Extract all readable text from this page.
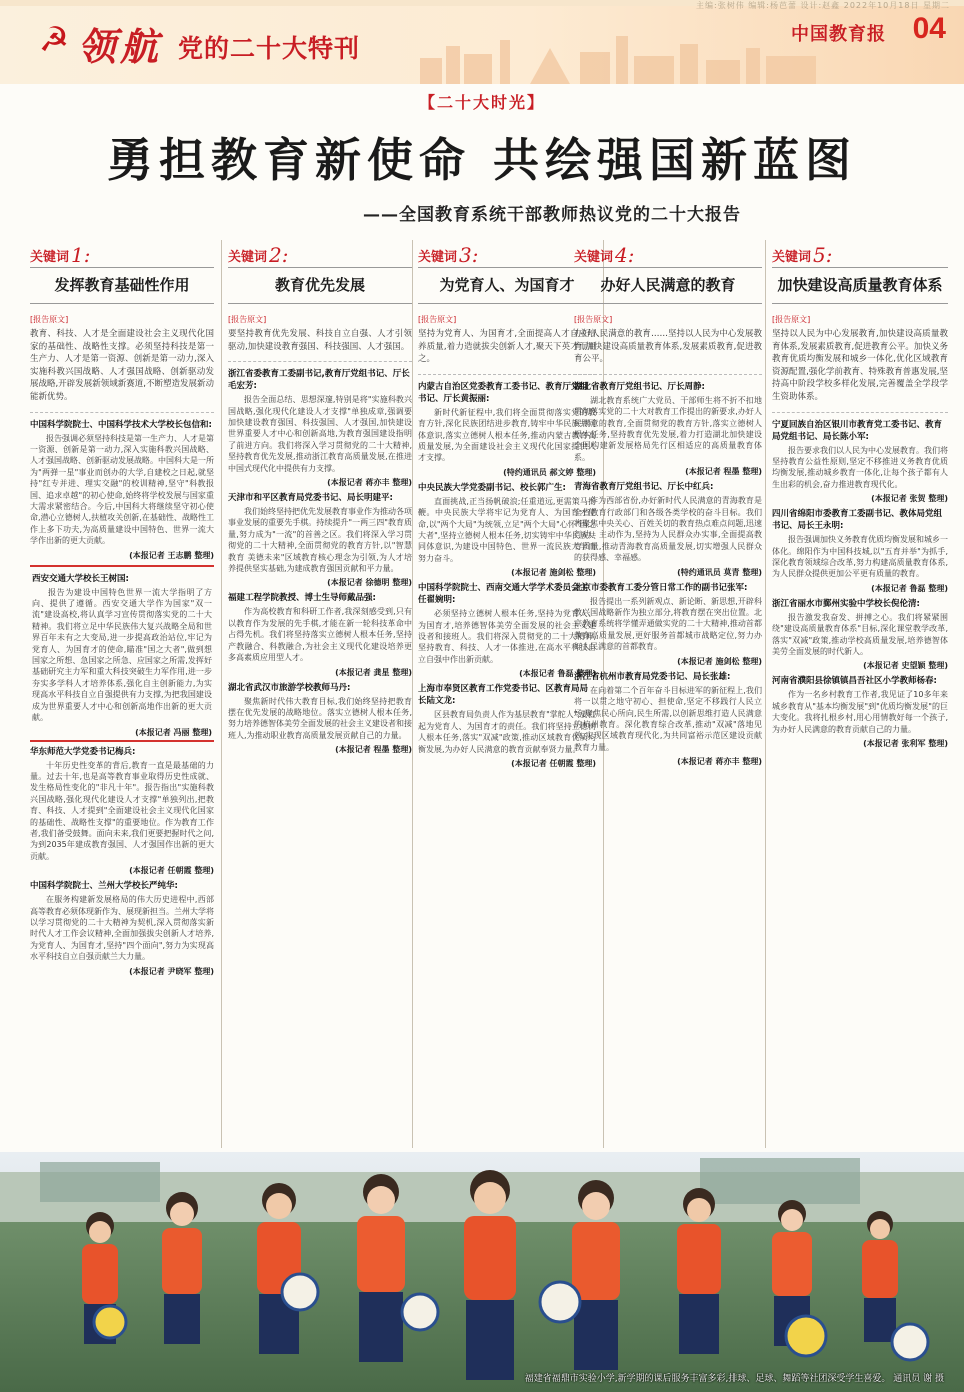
主编:张树伟 编辑:杨芭蕾 设计:赵鑫 2022年10月18日 星期二
☭ 领航 党的二十大特刊	中国教育报 04
【二十大时光】
勇担教育新使命 共绘强国新蓝图
——全国教育系统干部教师热议党的二十大报告
关键词 1:
发挥教育基础性作用
[报告原文]
教育、科技、人才是全面建设社会主义现代化国家的基础性、战略性支撑。必须坚持科技是第一生产力、人才是第一资源、创新是第一动力,深入实施科教兴国战略、人才强国战略、创新驱动发展战略,开辟发展新领域新赛道,不断塑造发展新动能新优势。
中国科学院院士、中国科学技术大学校长包信和:
报告强调必须坚持科技是第一生产力、人才是第一资源、创新是第一动力,深入实施科教兴国战略、人才强国战略、创新驱动发展战略。中国科大是一所为"两弹一星"事业而创办的大学,自建校之日起,就坚持"红专并进、理实交融"的校训精神,坚守"科教报国、追求卓越"的初心使命,始终将学校发展与国家重大需求紧密结合。今后,中国科大将继续坚守初心使命,潜心立德树人,扶植攻关创新,在基础性、战略性工作上多下功夫,为高质量建设中国特色、世界一流大学作出新的更大贡献。
(本报记者 王志鹏 整理)
西安交通大学校长王树国:
报告为建设中国特色世界一流大学指明了方向、提供了遵循。西安交通大学作为国家"双一流"建设高校,将认真学习宣传贯彻落实党的二十大精神。我们将立足中华民族伟大复兴战略全局和世界百年未有之大变局,进一步提高政治站位,牢记为党育人、为国育才的使命,瞄准"国之大者",做到想国家之所想、急国家之所急、应国家之所需,发挥好基础研究主力军和重大科技突破生力军作用,进一步夯实多学科人才培养体系,强化自主创新能力,为实现高水平科技自立自强提供有力支撑,为把我国建设成为世界重要人才中心和创新高地作出新的更大贡献。
(本报记者 冯丽 整理)
华东师范大学党委书记梅兵:
十年历史性变革的背后,教育一直是最基础的力量。过去十年,也是高等教育事业取得历史性成就、发生格局性变化的"非凡十年"。报告指出"实施科教兴国战略,强化现代化建设人才支撑"单独列出,把教育、科技、人才提到"全面建设社会主义现代化国家的基础性、战略性支撑"的重要地位。作为教育工作者,我们备受鼓舞。面向未来,我们更要把握时代之问,为到2035年建成教育强国、人才强国作出新的更大贡献。
(本报记者 任朝霞 整理)
中国科学院院士、兰州大学校长严纯华:
在服务构建新发展格局的伟大历史进程中,西部高等教育必须体现新作为、展现新担当。兰州大学将以学习贯彻党的二十大精神为契机,深入贯彻落实新时代人才工作会议精神,全面加强拔尖创新人才培养,为党育人、为国育才,坚持"四个面向",努力为实现高水平科技自立自强贡献兰大力量。
(本报记者 尹晓军 整理)
关键词 2:
教育优先发展
[报告原文]
要坚持教育优先发展、科技自立自强、人才引领驱动,加快建设教育强国、科技强国、人才强国。
浙江省委教育工委副书记,教育厅党组书记、厅长毛宏芳:
报告全面总结、思想深邃,特别是将"实施科教兴国战略,强化现代化建设人才支撑"单独成章,强调要加快建设教育强国、科技强国、人才强国,加快建设世界重要人才中心和创新高地,为教育强国建设指明了前进方向。我们将深入学习贯彻党的二十大精神,坚持教育优先发展,推动浙江教育高质量发展,在推进中国式现代化中提供有力支撑。
(本报记者 蒋亦丰 整理)
天津市和平区教育局党委书记、局长明建平:
我们始终坚持把优先发展教育事业作为推动各项事业发展的重要先手棋。持续提升"一两三四"教育质量,努力成为"一流"的首善之区。我们将深入学习贯彻党的二十大精神,全面贯彻党的教育方针,以"智慧教育 美德未来"区域教育核心理念为引领,为人才培养提供坚实基础,为建成教育强国贡献和平力量。
(本报记者 徐德明 整理)
福建工程学院教授、博士生导师戴品强:
作为高校教育和科研工作者,我深刻感受到,只有以教育作为发展的先手棋,才能在新一轮科技革命中占得先机。我们将坚持落实立德树人根本任务,坚持产教融合、科教融合,为社会主义现代化建设培养更多高素质应用型人才。
(本报记者 龚星 整理)
湖北省武汉市旅游学校教师马丹:
聚焦新时代伟大教育目标,我们始终坚持把教育摆在优先发展的战略地位。落实立德树人根本任务,努力培养德智体美劳全面发展的社会主义建设者和接班人,为推动职业教育高质量发展贡献自己的力量。
(本报记者 程墨 整理)
关键词 3:
为党育人、为国育才
[报告原文]
坚持为党育人、为国育才,全面提高人才自主培养质量,着力造就拔尖创新人才,聚天下英才而用之。
内蒙古自治区党委教育工委书记、教育厅党组书记、厅长黄振丽:
新时代新征程中,我们将全面贯彻落实党的教育方针,深化民族团结进步教育,铸牢中华民族共同体意识,落实立德树人根本任务,推动内蒙古教育高质量发展,为全面建设社会主义现代化国家提供人才支撑。
(特约通讯员 郝文婷 整理)
中央民族大学党委副书记、校长郭广生:
直面挑战,正当扬帆破浪;任重道远,更需策马扬鞭。中央民族大学将牢记为党育人、为国育才使命,以"两个大局"为统领,立足"两个大局"心怀"国之大者",坚持立德树人根本任务,切实铸牢中华民族共同体意识,为建设中国特色、世界一流民族大学而努力奋斗。
(本报记者 施剑松 整理)
中国科学院院士、西南交通大学学术委员会主任翟婉明:
必须坚持立德树人根本任务,坚持为党育人、为国育才,培养德智体美劳全面发展的社会主义建设者和接班人。我们将深入贯彻党的二十大精神,坚持教育、科技、人才一体推进,在高水平科技自立自强中作出新贡献。
(本报记者 鲁磊 整理)
上海市奉贤区教育工作党委书记、区教育局局长陆文龙:
区县教育局负责人作为基层教育"掌舵人",要扛起为党育人、为国育才的责任。我们将坚持立德树人根本任务,落实"双减"政策,推动区域教育优质均衡发展,为办好人民满意的教育贡献奉贤力量。
(本报记者 任朝霞 整理)
关键词 4:
办好人民满意的教育
[报告原文]
办好人民满意的教育……坚持以人民为中心发展教育,加快建设高质量教育体系,发展素质教育,促进教育公平。
湖北省教育厅党组书记、厅长周静:
湖北教育系统广大党员、干部师生将不折不扣地贯彻落实党的二十大对教育工作提出的新要求,办好人民满意的教育,全面贯彻党的教育方针,落实立德树人根本任务,坚持教育优先发展,着力打造湖北加快建设全国构建新发展格局先行区相适应的高质量教育体系。
(本报记者 程墨 整理)
青海省教育厅党组书记、厅长中红兵:
作为西部省份,办好新时代人民满意的青海教育是全省教育行政部门和各级各类学校的奋斗目标。我们将聚焦中央关心、百姓关切的教育热点难点问题,迅速行动、主动作为,坚持为人民群众办实事,全面提高教育质量,推动青海教育高质量发展,切实增强人民群众的获得感、幸福感。
(特约通讯员 莫青 整理)
北京市委教育工委分管日常工作的副书记张军:
报告提出一系列新观点、新论断、新思想,开辟科教兴国战略新作为独立部分,将教育摆在突出位置。北京教育系统将学懂弄通做实党的二十大精神,推动首都教育高质量发展,更好服务首都城市战略定位,努力办好人民满意的首都教育。
(本报记者 施剑松 整理)
浙江省杭州市教育局党委书记、局长张雄:
在向着第二个百年奋斗目标进军的新征程上,我们将一以贯之地守初心、担使命,坚定不移践行人民立场,聚焦民心所向,民生所需,以创新思维打造人民满意的杭州教育。深化教育综合改革,推动"双减"落地见效,实现区域教育现代化,为共同富裕示范区建设贡献教育力量。
(本报记者 蒋亦丰 整理)
关键词 5:
加快建设高质量教育体系
[报告原文]
坚持以人民为中心发展教育,加快建设高质量教育体系,发展素质教育,促进教育公平。加快义务教育优质均衡发展和城乡一体化,优化区域教育资源配置,强化学前教育、特殊教育普惠发展,坚持高中阶段学校多样化发展,完善覆盖全学段学生资助体系。
宁夏回族自治区银川市教育党工委书记、教育局党组书记、局长陈小军:
报告要求我们以人民为中心发展教育。我们将坚持教育公益性原则,坚定不移推进义务教育优质均衡发展,推动城乡教育一体化,让每个孩子都有人生出彩的机会,奋力推进教育现代化。
(本报记者 张贺 整理)
四川省绵阳市委教育工委副书记、教体局党组书记、局长王永明:
报告强调加快义务教育优质均衡发展和城乡一体化。绵阳作为中国科技城,以"五育并举"为抓手,深化教育领域综合改革,努力构建高质量教育体系,为人民群众提供更加公平更有质量的教育。
(本报记者 鲁磊 整理)
浙江省丽水市鄞州实验中学校长倪伦清:
报告激发我奋发、拼搏之心。我们将紧紧围绕"建设高质量教育体系"目标,深化课堂教学改革,落实"双减"政策,推动学校高质量发展,培养德智体美劳全面发展的时代新人。
(本报记者 史望颖 整理)
河南省濮阳县徐镇镇昌吾社区小学教师杨春:
作为一名乡村教育工作者,我见证了10多年来城乡教育从"基本均衡发展"到"优质均衡发展"的巨大变化。我将扎根乡村,用心用情教好每一个孩子,为办好人民满意的教育贡献自己的力量。
(本报记者 张利军 整理)
福建省福鼎市实验小学,新学期的课后服务丰富多彩,排球、足球、舞蹈等社团深受学生喜爱。 通讯员 谢 摄
